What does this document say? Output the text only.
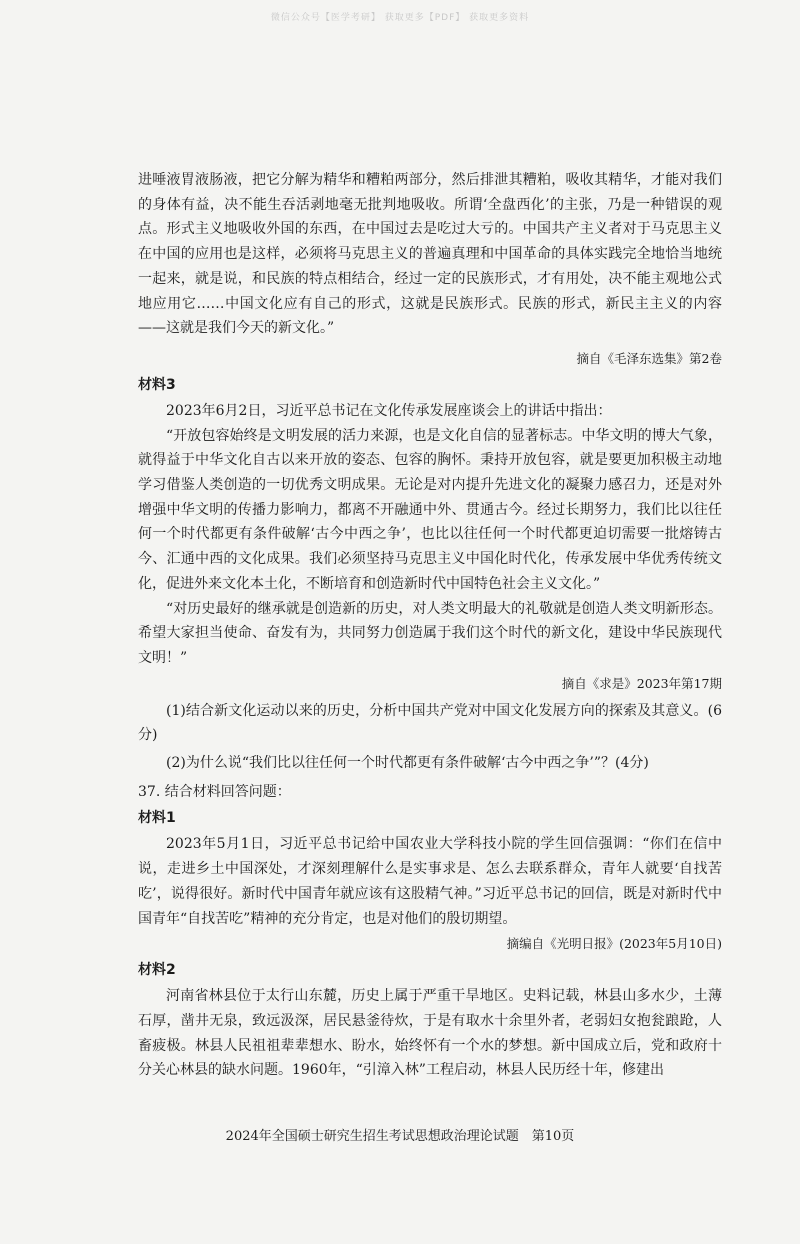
微信公众号【医学考研】 获取更多【PDF】 获取更多资料

进唾液胃液肠液，把它分解为精华和糟粕两部分，然后排泄其糟粕，吸收其精华，才能对我们的身体有益，决不能生吞活剥地毫无批判地吸收。所谓‘全盘西化’的主张，乃是一种错误的观点。形式主义地吸收外国的东西，在中国过去是吃过大亏的。中国共产主义者对于马克思主义在中国的应用也是这样，必须将马克思主义的普遍真理和中国革命的具体实践完全地恰当地统一起来，就是说，和民族的特点相结合，经过一定的民族形式，才有用处，决不能主观地公式地应用它……中国文化应有自己的形式，这就是民族形式。民族的形式，新民主主义的内容——这就是我们今天的新文化。”

摘自《毛泽东选集》第2卷

材料3

2023年6月2日，习近平总书记在文化传承发展座谈会上的讲话中指出：

“开放包容始终是文明发展的活力来源，也是文化自信的显著标志。中华文明的博大气象，就得益于中华文化自古以来开放的姿态、包容的胸怀。秉持开放包容，就是要更加积极主动地学习借鉴人类创造的一切优秀文明成果。无论是对内提升先进文化的凝聚力感召力，还是对外增强中华文明的传播力影响力，都离不开融通中外、贯通古今。经过长期努力，我们比以往任何一个时代都更有条件破解‘古今中西之争’，也比以往任何一个时代都更迫切需要一批熔铸古今、汇通中西的文化成果。我们必须坚持马克思主义中国化时代化，传承发展中华优秀传统文化，促进外来文化本土化，不断培育和创造新时代中国特色社会主义文化。”

“对历史最好的继承就是创造新的历史，对人类文明最大的礼敬就是创造人类文明新形态。希望大家担当使命、奋发有为，共同努力创造属于我们这个时代的新文化，建设中华民族现代文明！”

摘自《求是》2023年第17期

(1)结合新文化运动以来的历史，分析中国共产党对中国文化发展方向的探索及其意义。(6分)

(2)为什么说“我们比以往任何一个时代都更有条件破解‘古今中西之争’”？(4分)

37. 结合材料回答问题：

材料1

2023年5月1日，习近平总书记给中国农业大学科技小院的学生回信强调：“你们在信中说，走进乡土中国深处，才深刻理解什么是实事求是、怎么去联系群众，青年人就要‘自找苦吃’，说得很好。新时代中国青年就应该有这股精气神。”习近平总书记的回信，既是对新时代中国青年“自找苦吃”精神的充分肯定，也是对他们的殷切期望。

摘编自《光明日报》(2023年5月10日)

材料2

河南省林县位于太行山东麓，历史上属于严重干旱地区。史料记载，林县山多水少，土薄石厚，凿井无泉，致远汲深，居民悬釜待炊，于是有取水十余里外者，老弱妇女抱瓮踉跄，人畜疲极。林县人民祖祖辈辈想水、盼水，始终怀有一个水的梦想。新中国成立后，党和政府十分关心林县的缺水问题。1960年，“引漳入林”工程启动，林县人民历经十年，修建出

2024年全国硕士研究生招生考试思想政治理论试题　第10页
